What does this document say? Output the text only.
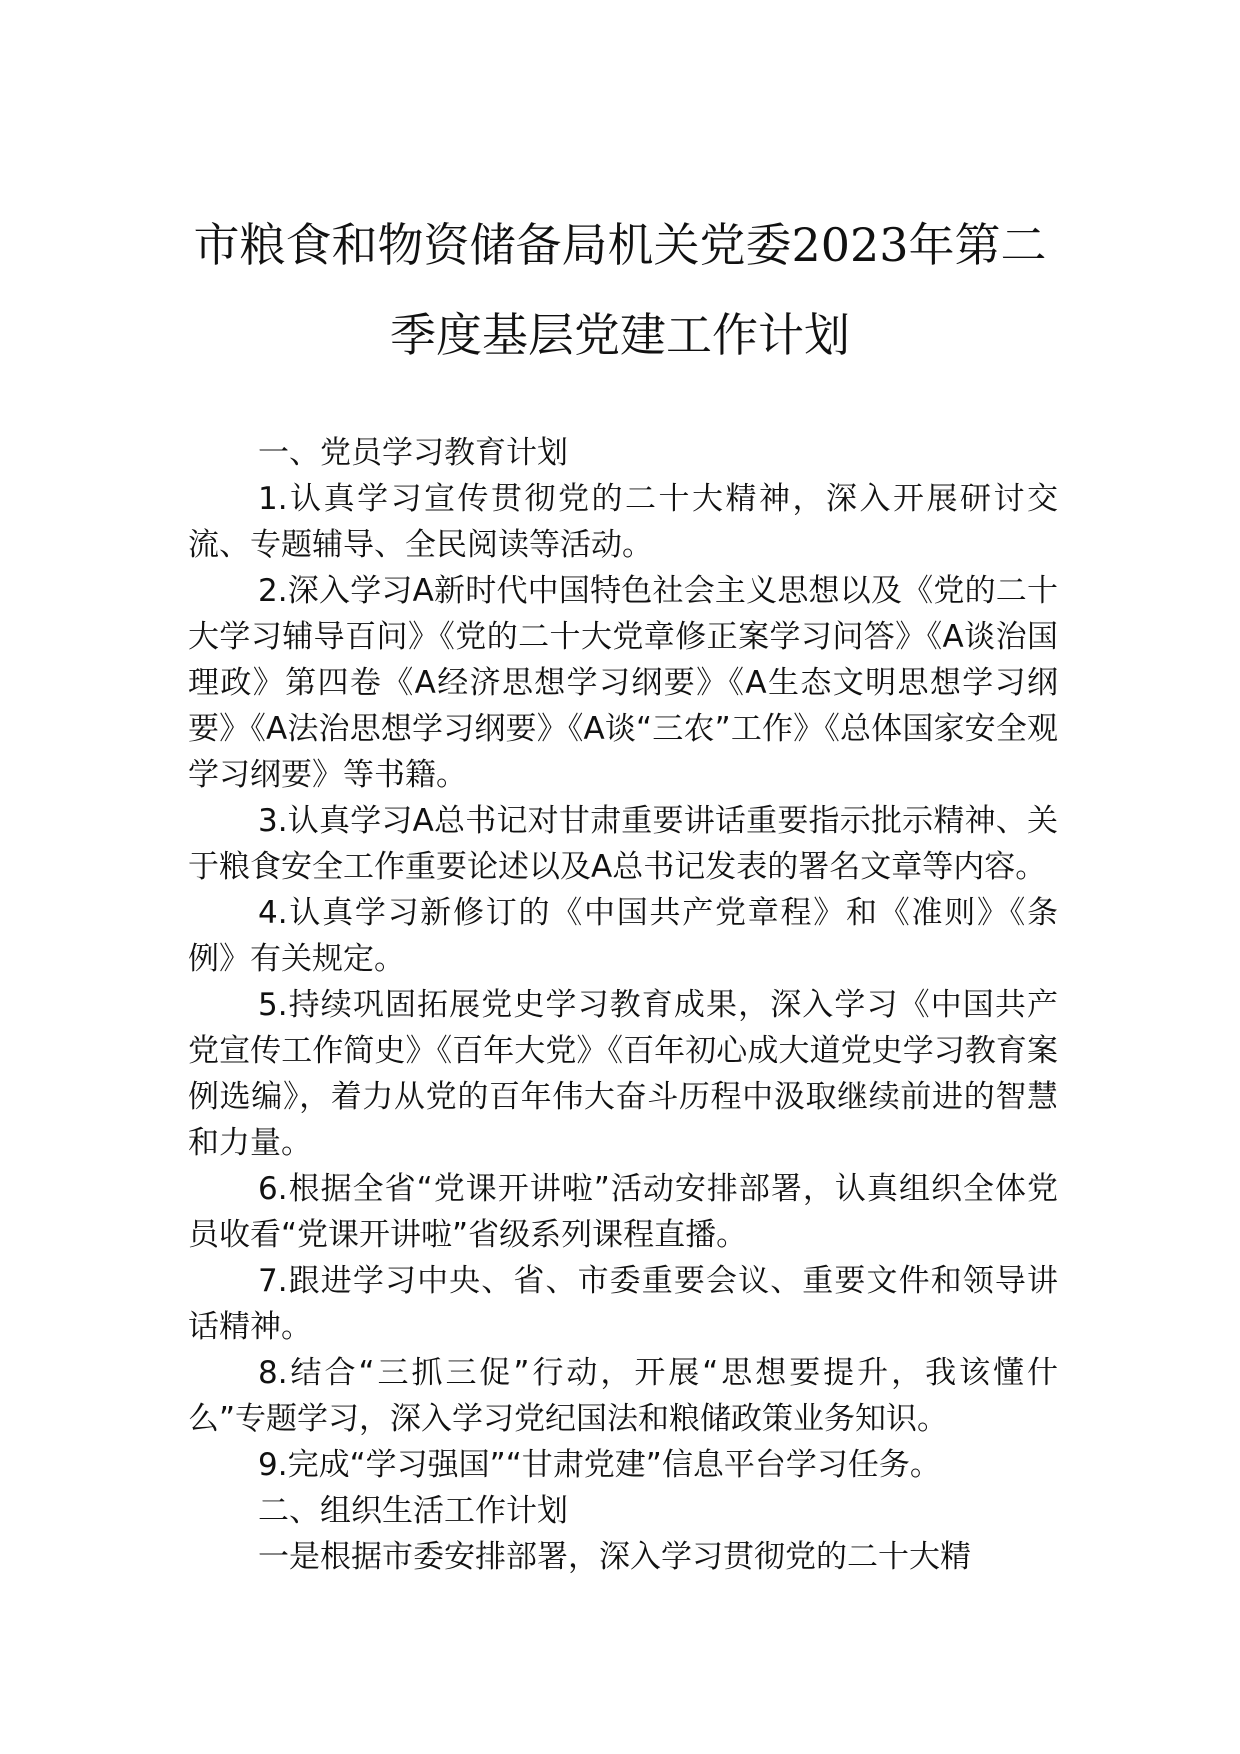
市粮食和物资储备局机关党委2023年第二
季度基层党建工作计划

一、党员学习教育计划

1.认真学习宣传贯彻党的二十大精神，深入开展研讨交流、专题辅导、全民阅读等活动。

2.深入学习A新时代中国特色社会主义思想以及《党的二十大学习辅导百问》《党的二十大党章修正案学习问答》《A谈治国理政》第四卷《A经济思想学习纲要》《A生态文明思想学习纲要》《A法治思想学习纲要》《A谈“三农”工作》《总体国家安全观学习纲要》等书籍。

3.认真学习A总书记对甘肃重要讲话重要指示批示精神、关于粮食安全工作重要论述以及A总书记发表的署名文章等内容。

4.认真学习新修订的《中国共产党章程》和《准则》《条例》有关规定。

5.持续巩固拓展党史学习教育成果，深入学习《中国共产党宣传工作简史》《百年大党》《百年初心成大道党史学习教育案例选编》，着力从党的百年伟大奋斗历程中汲取继续前进的智慧和力量。

6.根据全省“党课开讲啦”活动安排部署，认真组织全体党员收看“党课开讲啦”省级系列课程直播。

7.跟进学习中央、省、市委重要会议、重要文件和领导讲话精神。

8.结合“三抓三促”行动，开展“思想要提升，我该懂什么”专题学习，深入学习党纪国法和粮储政策业务知识。

9.完成“学习强国”“甘肃党建”信息平台学习任务。

二、组织生活工作计划

一是根据市委安排部署，深入学习贯彻党的二十大精
